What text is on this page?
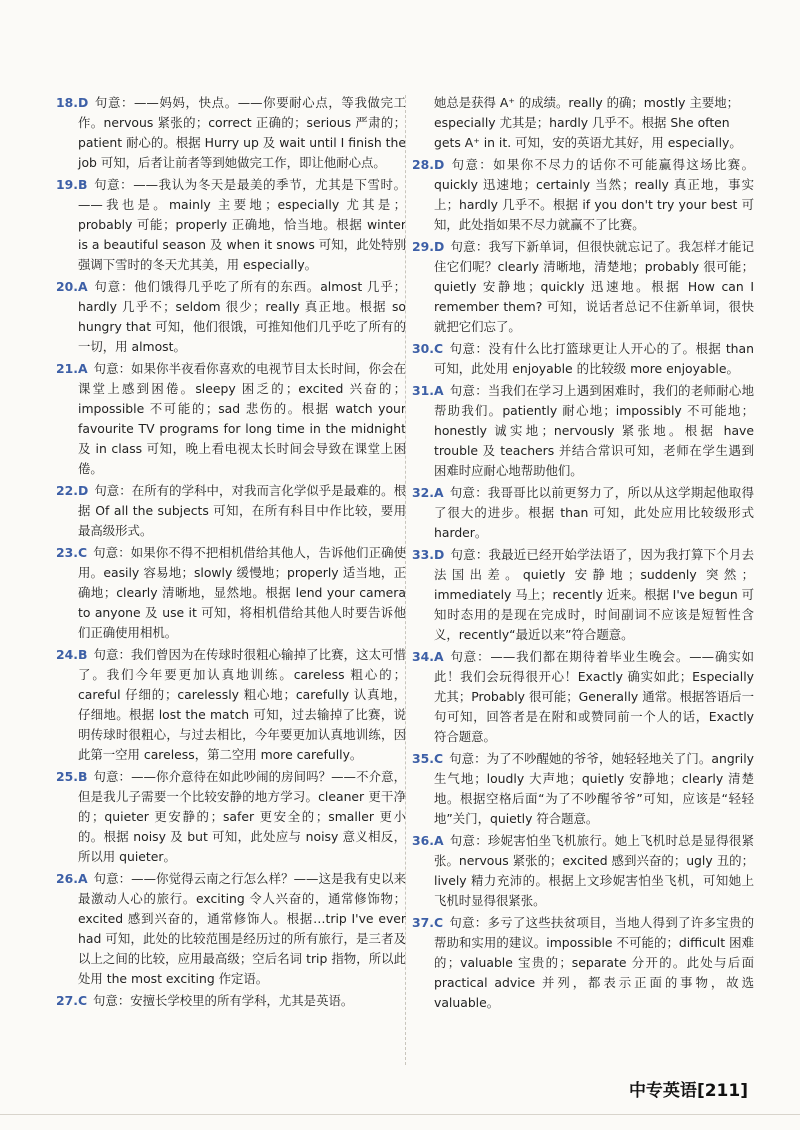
18.D 句意：——妈妈，快点。——你要耐心点，等我做完工作。nervous 紧张的；correct 正确的；serious 严肃的；patient 耐心的。根据 Hurry up 及 wait until I finish the job 可知，后者让前者等到她做完工作，即让他耐心点。

19.B 句意：——我认为冬天是最美的季节，尤其是下雪时。——我也是。mainly 主要地；especially 尤其是；probably 可能；properly 正确地，恰当地。根据 winter is a beautiful season 及 when it snows 可知，此处特别强调下雪时的冬天尤其美，用 especially。

20.A 句意：他们饿得几乎吃了所有的东西。almost 几乎；hardly 几乎不；seldom 很少；really 真正地。根据 so hungry that 可知，他们很饿，可推知他们几乎吃了所有的一切，用 almost。

21.A 句意：如果你半夜看你喜欢的电视节目太长时间，你会在课堂上感到困倦。sleepy 困乏的；excited 兴奋的；impossible 不可能的；sad 悲伤的。根据 watch your favourite TV programs for long time in the midnight 及 in class 可知，晚上看电视太长时间会导致在课堂上困倦。

22.D 句意：在所有的学科中，对我而言化学似乎是最难的。根据 Of all the subjects 可知，在所有科目中作比较，要用最高级形式。

23.C 句意：如果你不得不把相机借给其他人，告诉他们正确使用。easily 容易地；slowly 缓慢地；properly 适当地，正确地；clearly 清晰地，显然地。根据 lend your camera to anyone 及 use it 可知，将相机借给其他人时要告诉他们正确使用相机。

24.B 句意：我们曾因为在传球时很粗心输掉了比赛，这太可惜了。我们今年要更加认真地训练。careless 粗心的；careful 仔细的；carelessly 粗心地；carefully 认真地，仔细地。根据 lost the match 可知，过去输掉了比赛，说明传球时很粗心，与过去相比，今年要更加认真地训练，因此第一空用 careless，第二空用 more carefully。

25.B 句意：——你介意待在如此吵闹的房间吗？——不介意，但是我儿子需要一个比较安静的地方学习。cleaner 更干净的；quieter 更安静的；safer 更安全的；smaller 更小的。根据 noisy 及 but 可知，此处应与 noisy 意义相反，所以用 quieter。

26.A 句意：——你觉得云南之行怎么样？——这是我有史以来最激动人心的旅行。exciting 令人兴奋的，通常修饰物；excited 感到兴奋的，通常修饰人。根据…trip I've ever had 可知，此处的比较范围是经历过的所有旅行，是三者及以上之间的比较，应用最高级；空后名词 trip 指物，所以此处用 the most exciting 作定语。

27.C 句意：安擅长学校里的所有学科，尤其是英语。

她总是获得 A⁺ 的成绩。really 的确；mostly 主要地；especially 尤其是；hardly 几乎不。根据 She often gets A⁺ in it. 可知，安的英语尤其好，用 especially。

28.D 句意：如果你不尽力的话你不可能赢得这场比赛。quickly 迅速地；certainly 当然；really 真正地，事实上；hardly 几乎不。根据 if you don't try your best 可知，此处指如果不尽力就赢不了比赛。

29.D 句意：我写下新单词，但很快就忘记了。我怎样才能记住它们呢？clearly 清晰地，清楚地；probably 很可能；quietly 安静地；quickly 迅速地。根据 How can I remember them? 可知，说话者总记不住新单词，很快就把它们忘了。

30.C 句意：没有什么比打篮球更让人开心的了。根据 than 可知，此处用 enjoyable 的比较级 more enjoyable。

31.A 句意：当我们在学习上遇到困难时，我们的老师耐心地帮助我们。patiently 耐心地；impossibly 不可能地；honestly 诚实地；nervously 紧张地。根据 have trouble 及 teachers 并结合常识可知，老师在学生遇到困难时应耐心地帮助他们。

32.A 句意：我哥哥比以前更努力了，所以从这学期起他取得了很大的进步。根据 than 可知，此处应用比较级形式 harder。

33.D 句意：我最近已经开始学法语了，因为我打算下个月去法国出差。quietly 安静地；suddenly 突然；immediately 马上；recently 近来。根据 I've begun 可知时态用的是现在完成时，时间副词不应该是短暂性含义，recently“最近以来”符合题意。

34.A 句意：——我们都在期待着毕业生晚会。——确实如此！我们会玩得很开心！Exactly 确实如此；Especially 尤其；Probably 很可能；Generally 通常。根据答语后一句可知，回答者是在附和或赞同前一个人的话，Exactly 符合题意。

35.C 句意：为了不吵醒她的爷爷，她轻轻地关了门。angrily 生气地；loudly 大声地；quietly 安静地；clearly 清楚地。根据空格后面“为了不吵醒爷爷”可知，应该是“轻轻地”关门，quietly 符合题意。

36.A 句意：珍妮害怕坐飞机旅行。她上飞机时总是显得很紧张。nervous 紧张的；excited 感到兴奋的；ugly 丑的；lively 精力充沛的。根据上文珍妮害怕坐飞机，可知她上飞机时显得很紧张。

37.C 句意：多亏了这些扶贫项目，当地人得到了许多宝贵的帮助和实用的建议。impossible 不可能的；difficult 困难的；valuable 宝贵的；separate 分开的。此处与后面 practical advice 并列，都表示正面的事物，故选 valuable。

中专英语[211]
